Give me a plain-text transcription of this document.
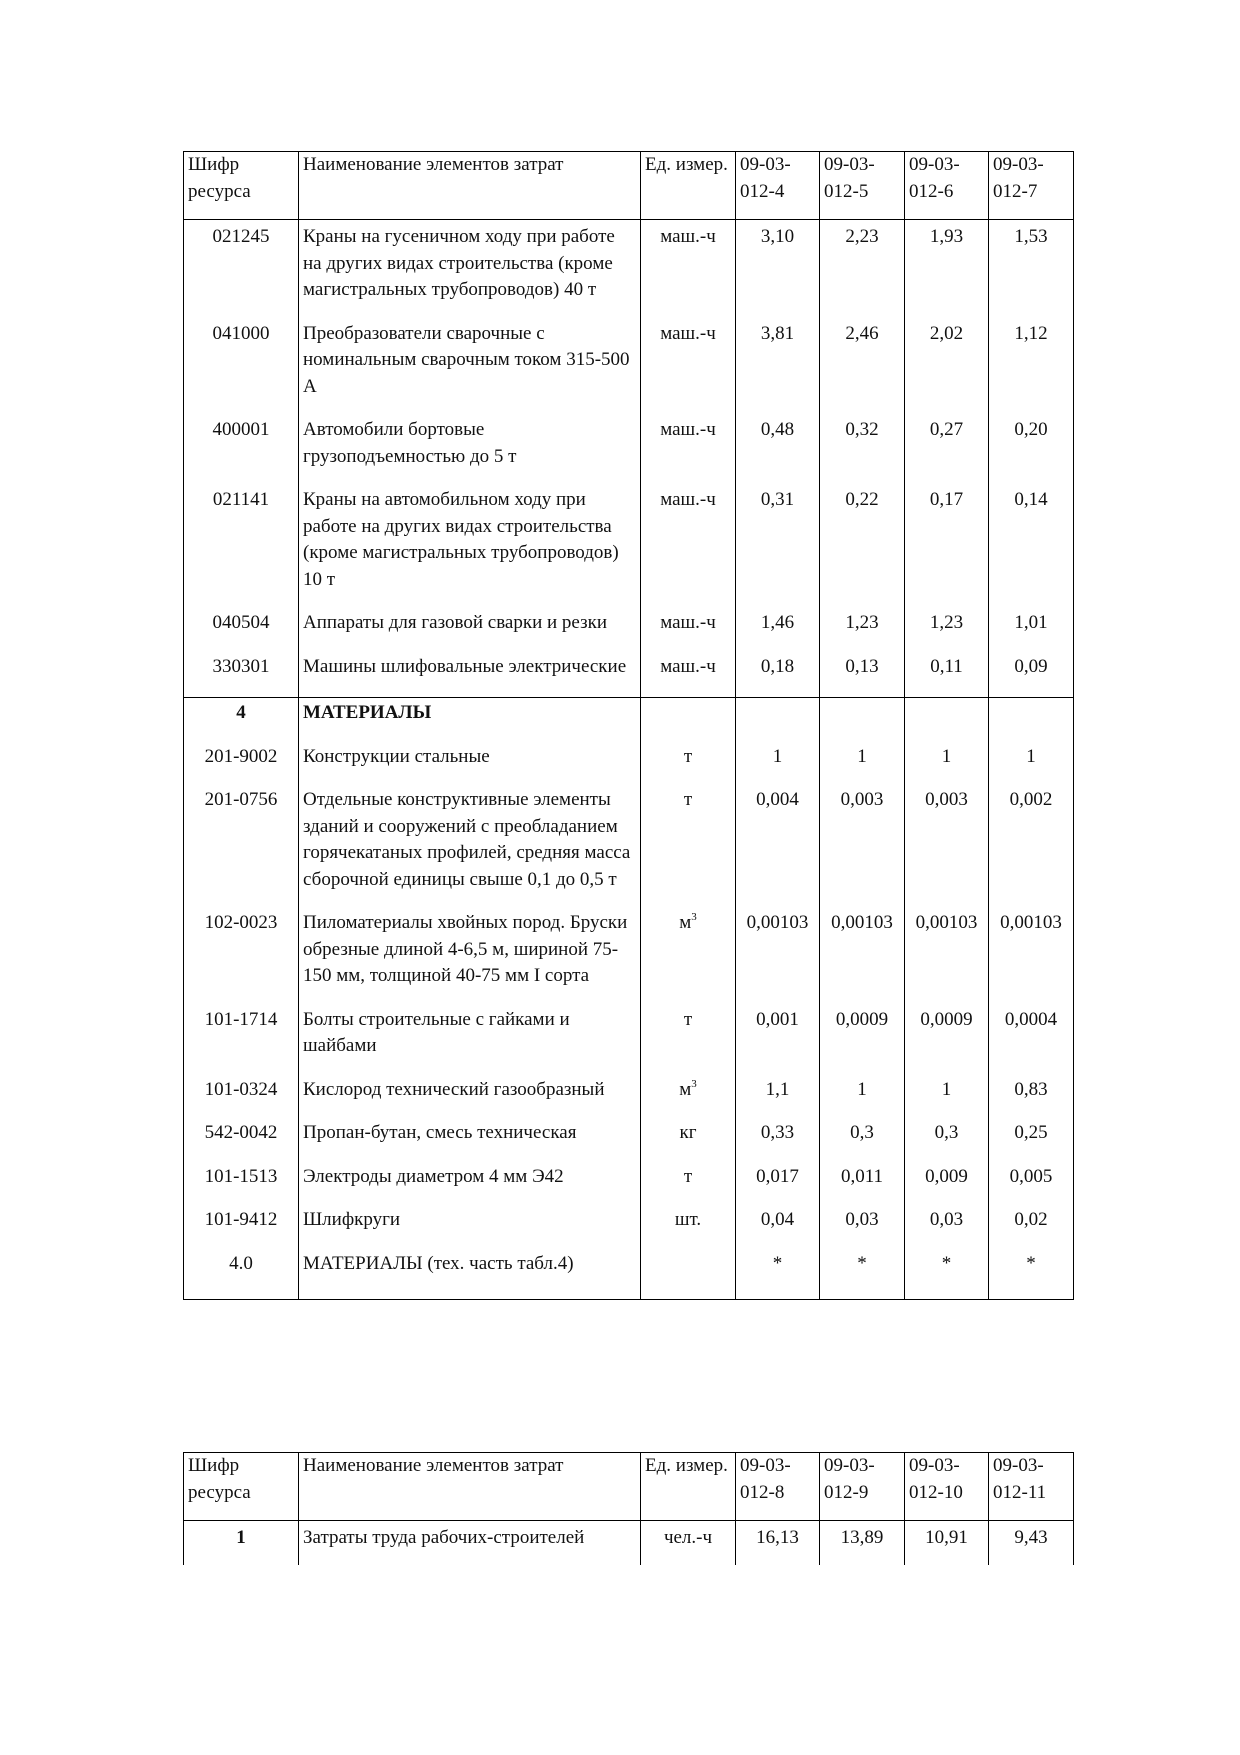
Шифр ресурса	Наименование элементов затрат	Ед. измер.	09-03-012-4	09-03-012-5	09-03-012-6	09-03-012-7
021245	Краны на гусеничном ходу при работе на других видах строительства (кроме магистральных трубопроводов) 40 т	маш.-ч	3,10	2,23	1,93	1,53
041000	Преобразователи сварочные с номинальным сварочным током 315-500 А	маш.-ч	3,81	2,46	2,02	1,12
400001	Автомобили бортовые грузоподъемностью до 5 т	маш.-ч	0,48	0,32	0,27	0,20
021141	Краны на автомобильном ходу при работе на других видах строительства (кроме магистральных трубопроводов) 10 т	маш.-ч	0,31	0,22	0,17	0,14
040504	Аппараты для газовой сварки и резки	маш.-ч	1,46	1,23	1,23	1,01
330301	Машины шлифовальные электрические	маш.-ч	0,18	0,13	0,11	0,09
4	МАТЕРИАЛЫ					
201-9002	Конструкции стальные	т	1	1	1	1
201-0756	Отдельные конструктивные элементы зданий и сооружений с преобладанием горячекатаных профилей, средняя масса сборочной единицы свыше 0,1 до 0,5 т	т	0,004	0,003	0,003	0,002
102-0023	Пиломатериалы хвойных пород. Бруски обрезные длиной 4-6,5 м, шириной 75-150 мм, толщиной 40-75 мм I сорта	$м^3$	0,00103	0,00103	0,00103	0,00103
101-1714	Болты строительные с гайками и шайбами	т	0,001	0,0009	0,0009	0,0004
101-0324	Кислород технический газообразный	$м^3$	1,1	1	1	0,83
542-0042	Пропан-бутан, смесь техническая	кг	0,33	0,3	0,3	0,25
101-1513	Электроды диаметром 4 мм Э42	т	0,017	0,011	0,009	0,005
101-9412	Шлифкруги	шт.	0,04	0,03	0,03	0,02
4.0	МАТЕРИАЛЫ (тех. часть табл.4)		*	*	*	*
Шифр ресурса	Наименование элементов затрат	Ед. измер.	09-03-012-8	09-03-012-9	09-03-012-10	09-03-012-11
1	Затраты труда рабочих-строителей	чел.-ч	16,13	13,89	10,91	9,43
